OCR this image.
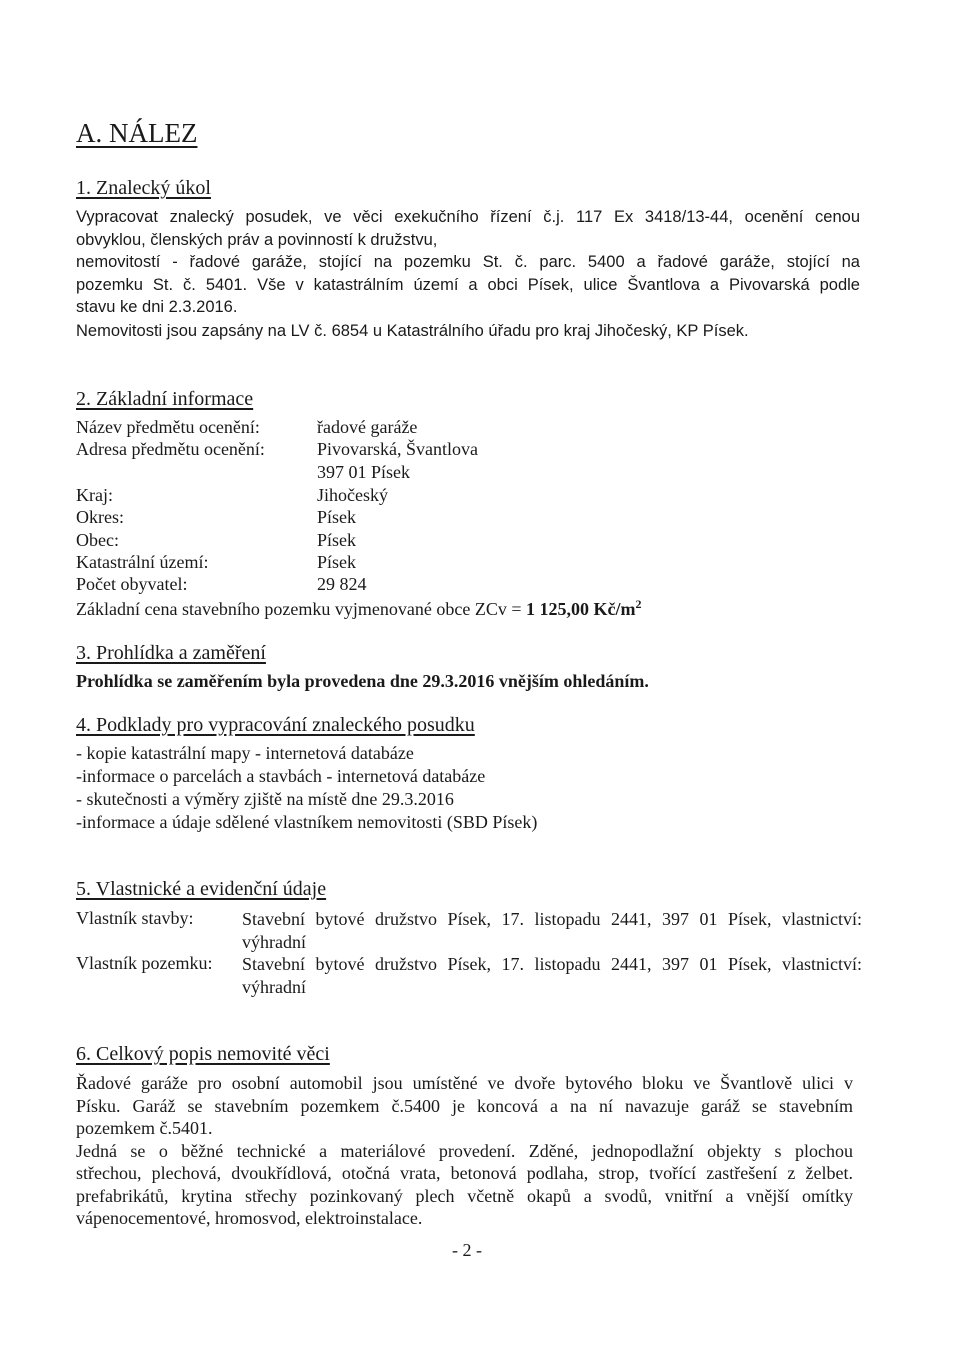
A. NÁLEZ
1. Znalecký úkol
Vypracovat znalecký posudek, ve věci exekučního řízení č.j. 117 Ex 3418/13-44, ocenění cenou
obvyklou, členských práv a povinností k družstvu,
nemovitostí - řadové garáže, stojící na pozemku St. č. parc. 5400 a řadové garáže, stojící na
pozemku St. č. 5401. Vše v katastrálním území a obci Písek, ulice Švantlova a Pivovarská podle
stavu ke dni 2.3.2016.
Nemovitosti jsou zapsány na LV č. 6854 u Katastrálního úřadu pro kraj Jihočeský, KP Písek.
2. Základní informace
Název předmětu ocenění:	řadové garáže
Adresa předmětu ocenění:	Pivovarská, Švantlova
397 01 Písek
Kraj:	Jihočeský
Okres:	Písek
Obec:	Písek
Katastrální území:	Písek
Počet obyvatel:	29 824
Základní cena stavebního pozemku vyjmenované obce ZCv = 1 125,00 $Kč/m^2$
3. Prohlídka a zaměření
Prohlídka se zaměřením byla provedena dne 29.3.2016 vnějším ohledáním.
4. Podklady pro vypracování znaleckého posudku
- kopie katastrální mapy - internetová databáze
-informace o parcelách a stavbách - internetová databáze
- skutečnosti a výměry zjiště na místě dne 29.3.2016
-informace a údaje sdělené vlastníkem nemovitosti (SBD Písek)
5. Vlastnické a evidenční údaje
Vlastník stavby:	Stavební bytové družstvo Písek, 17. listopadu 2441, 397 01 Písek, vlastnictví:
výhradní
Vlastník pozemku: Stavební bytové družstvo Písek, 17. listopadu 2441, 397 01 Písek, vlastnictví:
výhradní
6. Celkový popis nemovité věci
Řadové garáže pro osobní automobil jsou umístěné ve dvoře bytového bloku ve Švantlově ulici v
Písku. Garáž se stavebním pozemkem č.5400 je koncová a na ní navazuje garáž se stavebním
pozemkem č.5401.
Jedná se o běžné technické a materiálové provedení. Zděné, jednopodlažní objekty s plochou
střechou, plechová, dvoukřídlová, otočná vrata, betonová podlaha, strop, tvořící zastřešení z želbet.
prefabrikátů, krytina střechy pozinkovaný plech včetně okapů a svodů, vnitřní a vnější omítky
vápenocementové, hromosvod, elektroinstalace.
- 2 -
